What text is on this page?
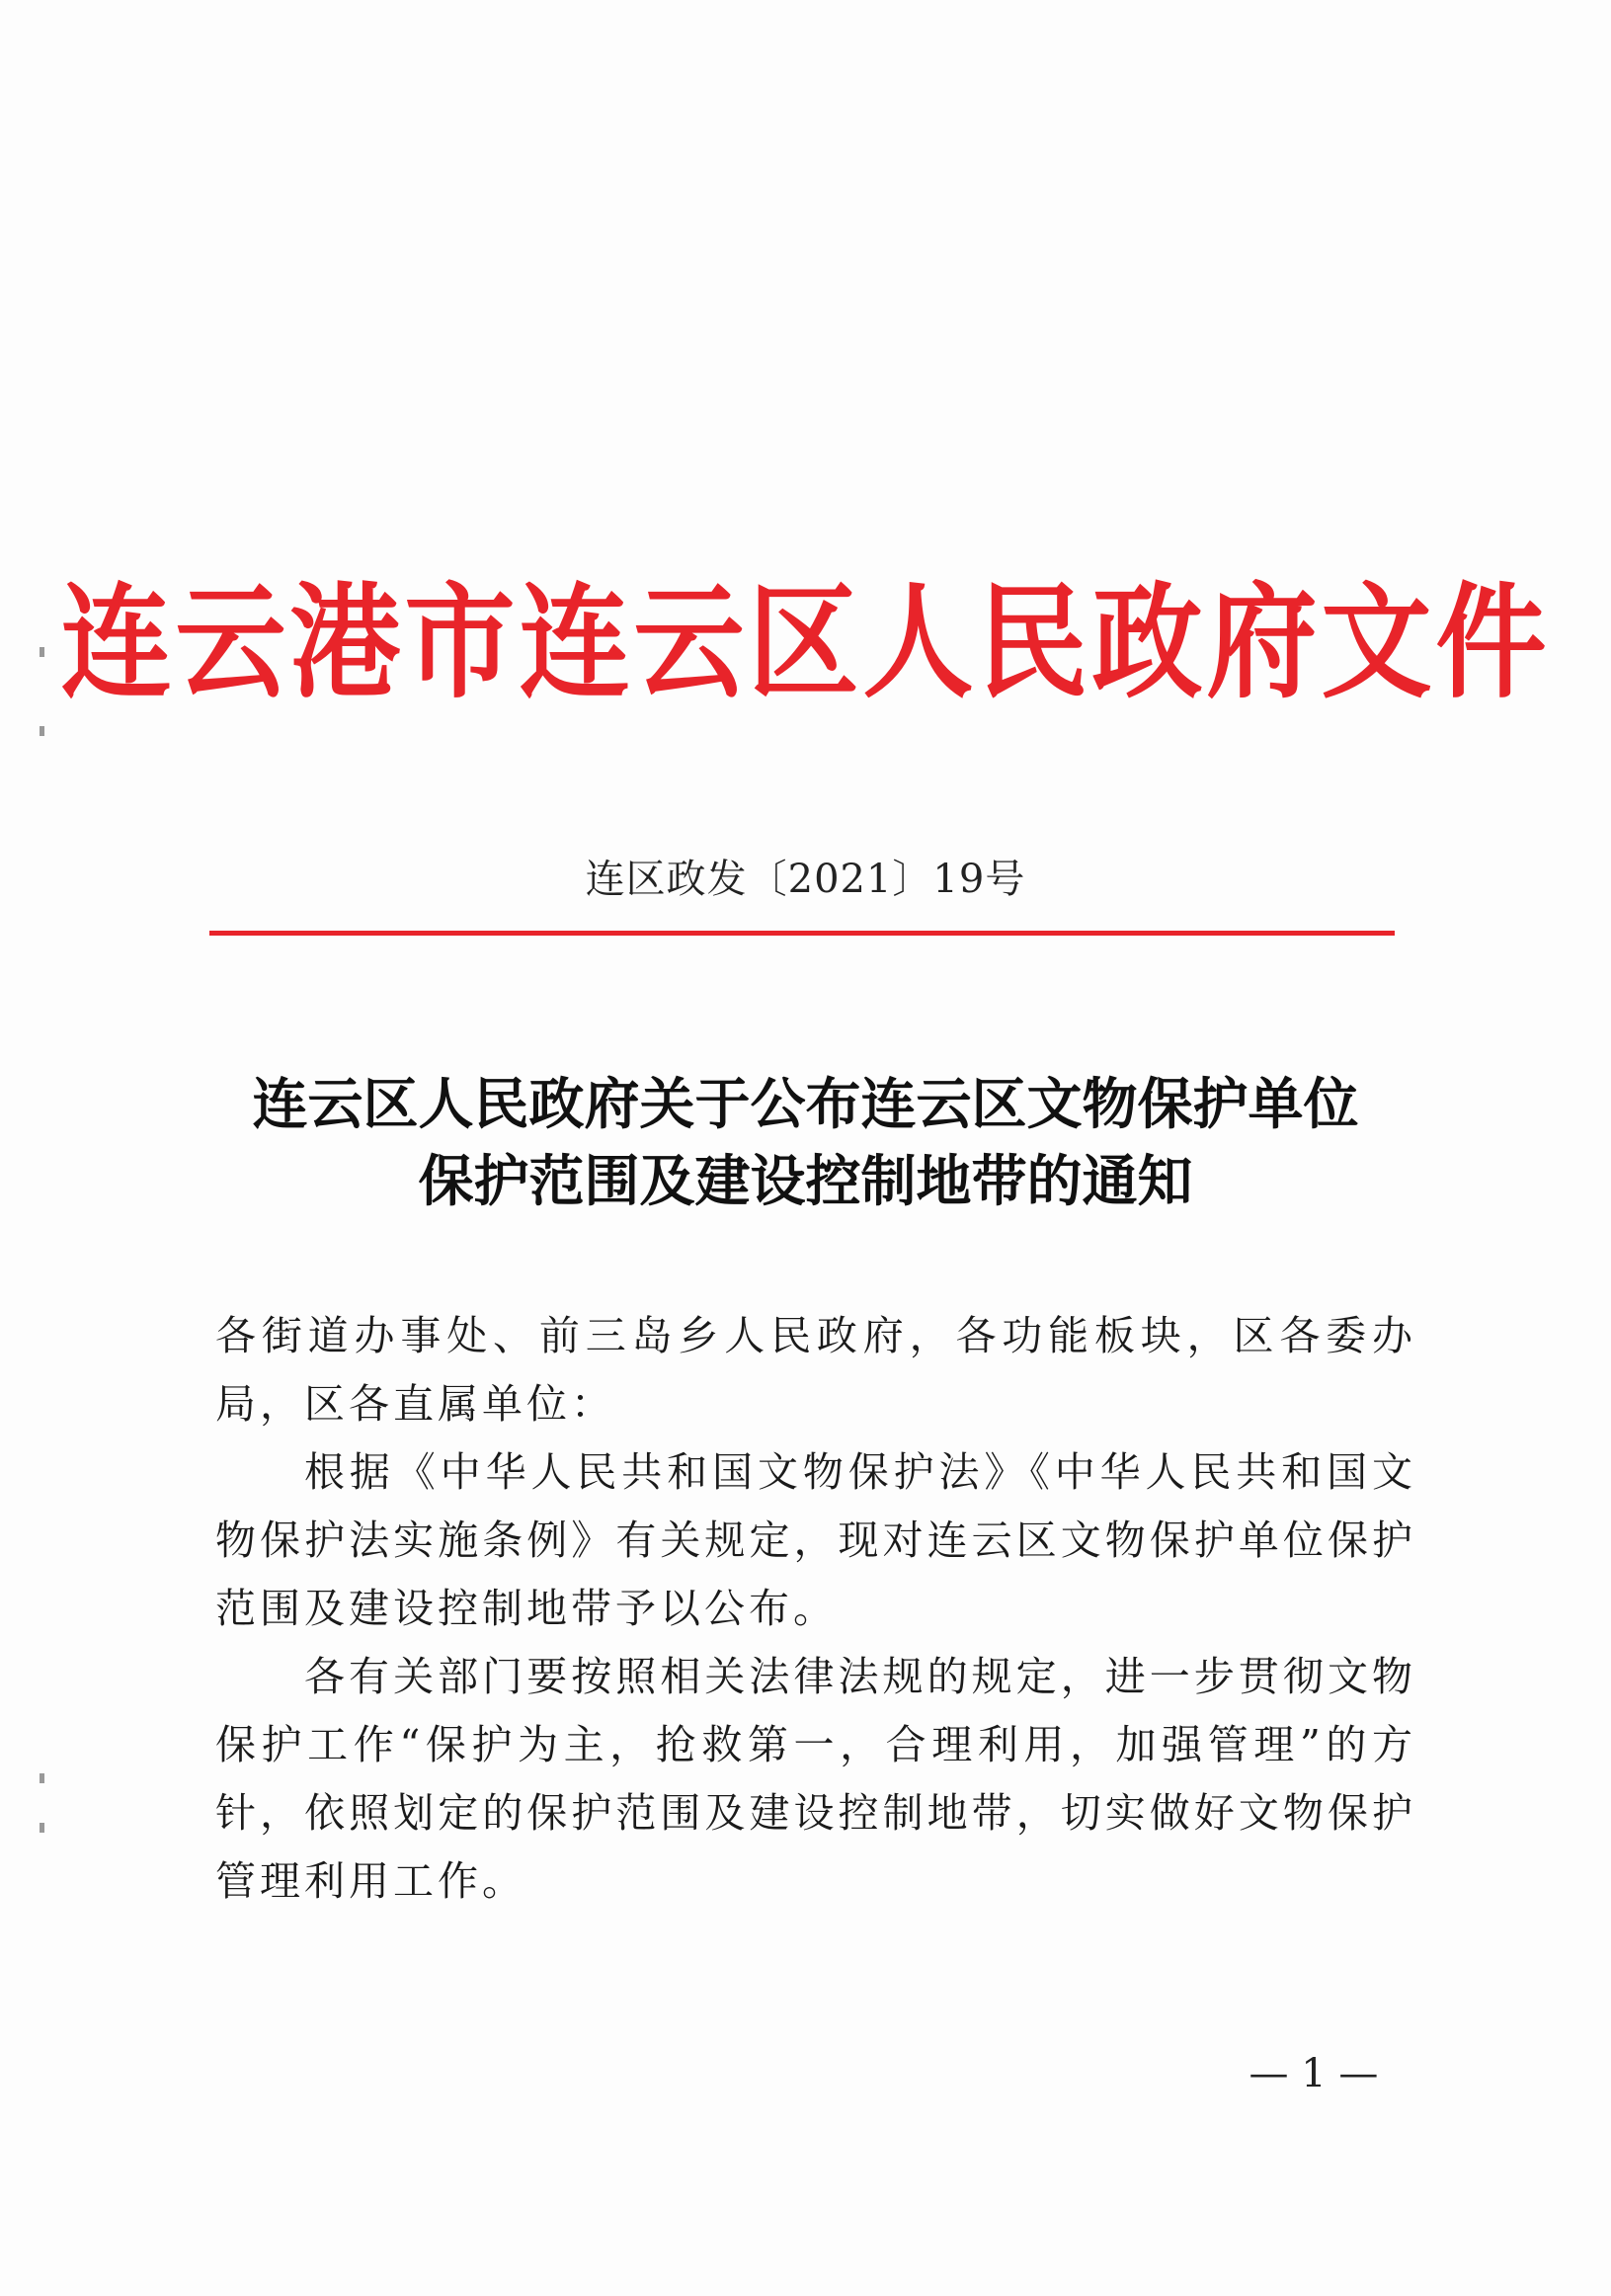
连云港市连云区人民政府文件
连区政发〔2021〕19号
连云区人民政府关于公布连云区文物保护单位
保护范围及建设控制地带的通知

各街道办事处、前三岛乡人民政府，各功能板块，区各委办局，区各直属单位：

根据《中华人民共和国文物保护法》《中华人民共和国文物保护法实施条例》有关规定，现对连云区文物保护单位保护范围及建设控制地带予以公布。

各有关部门要按照相关法律法规的规定，进一步贯彻文物保护工作“保护为主，抢救第一，合理利用，加强管理”的方针，依照划定的保护范围及建设控制地带，切实做好文物保护管理利用工作。

— 1 —
